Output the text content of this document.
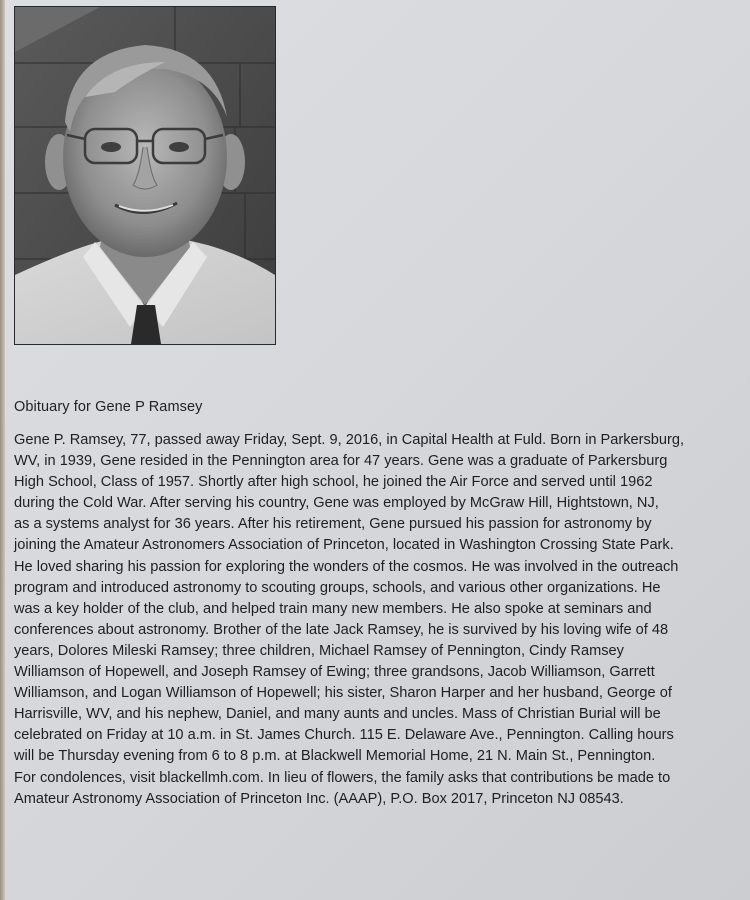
Obituary for Gene P Ramsey
Gene P. Ramsey, 77, passed away Friday, Sept. 9, 2016, in Capital Health at Fuld. Born in Parkersburg,
WV, in 1939, Gene resided in the Pennington area for 47 years. Gene was a graduate of Parkersburg
High School, Class of 1957. Shortly after high school, he joined the Air Force and served until 1962
during the Cold War. After serving his country, Gene was employed by McGraw Hill, Hightstown, NJ,
as a systems analyst for 36 years. After his retirement, Gene pursued his passion for astronomy by
joining the Amateur Astronomers Association of Princeton, located in Washington Crossing State Park.
He loved sharing his passion for exploring the wonders of the cosmos. He was involved in the outreach
program and introduced astronomy to scouting groups, schools, and various other organizations. He
was a key holder of the club, and helped train many new members. He also spoke at seminars and
conferences about astronomy. Brother of the late Jack Ramsey, he is survived by his loving wife of 48
years, Dolores Mileski Ramsey; three children, Michael Ramsey of Pennington, Cindy Ramsey
Williamson of Hopewell, and Joseph Ramsey of Ewing; three grandsons, Jacob Williamson, Garrett
Williamson, and Logan Williamson of Hopewell; his sister, Sharon Harper and her husband, George of
Harrisville, WV, and his nephew, Daniel, and many aunts and uncles. Mass of Christian Burial will be
celebrated on Friday at 10 a.m. in St. James Church. 115 E. Delaware Ave., Pennington. Calling hours
will be Thursday evening from 6 to 8 p.m. at Blackwell Memorial Home, 21 N. Main St., Pennington.
For condolences, visit blackellmh.com. In lieu of flowers, the family asks that contributions be made to
Amateur Astronomy Association of Princeton Inc. (AAAP), P.O. Box 2017, Princeton NJ 08543.
